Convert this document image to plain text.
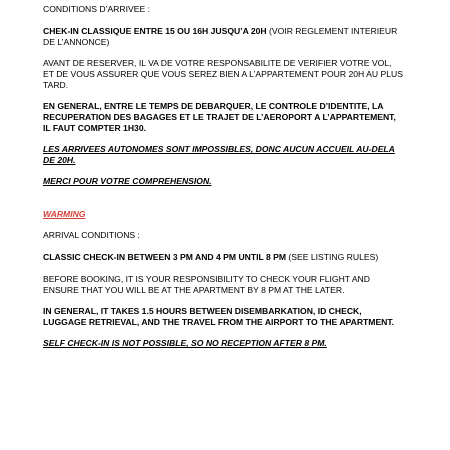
CONDITIONS D’ARRIVEE :

CHEK-IN CLASSIQUE ENTRE 15 OU 16H JUSQU’A 20H (VOIR REGLEMENT INTERIEUR DE L’ANNONCE)

AVANT DE RESERVER, IL VA DE VOTRE RESPONSABILITE DE VERIFIER VOTRE VOL, ET DE VOUS ASSURER QUE VOUS SEREZ BIEN A L’APPARTEMENT POUR 20H AU PLUS TARD.

EN GENERAL, ENTRE LE TEMPS DE DEBARQUER, LE CONTROLE D’IDENTITE, LA RECUPERATION DES BAGAGES ET LE TRAJET DE L’AEROPORT A L’APPARTEMENT, IL FAUT COMPTER 1H30.

LES ARRIVEES AUTONOMES SONT IMPOSSIBLES, DONC AUCUN ACCUEIL AU-DELA DE 20H.

MERCI POUR VOTRE COMPREHENSION.

WARMING

ARRIVAL CONDITIONS :

CLASSIC CHECK-IN BETWEEN 3 PM AND 4 PM UNTIL 8 PM (SEE LISTING RULES)

BEFORE BOOKING, IT IS YOUR RESPONSIBILITY TO CHECK YOUR FLIGHT AND ENSURE THAT YOU WILL BE AT THE APARTMENT BY 8 PM AT THE LATER.

IN GENERAL, IT TAKES 1.5 HOURS BETWEEN DISEMBARKATION, ID CHECK, LUGGAGE RETRIEVAL, AND THE TRAVEL FROM THE AIRPORT TO THE APARTMENT.

SELF CHECK-IN IS NOT POSSIBLE, SO NO RECEPTION AFTER 8 PM.
